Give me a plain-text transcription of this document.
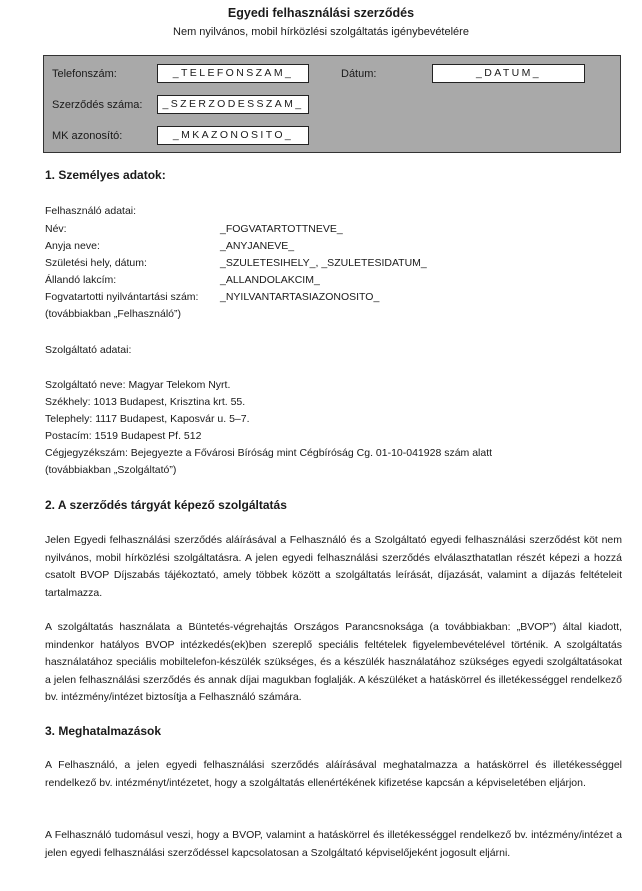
Egyedi felhasználási szerződés
Nem nyilvános, mobil hírközlési szolgáltatás igénybevételére
Telefonszám:	_TELEFONSZAM_	Dátum:	_DATUM_
Szerződés száma:	_SZERZODESSZAM_
MK azonosító:	_MKAZONOSITO_
1. Személyes adatok:
Felhasználó adatai:
Név:	_FOGVATARTOTTNEVE_
Anyja neve:	_ANYJANEVE_
Születési hely, dátum:	_SZULETESIHELY_, _SZULETESIDATUM_
Állandó lakcím:	_ALLANDOLAKCIM_
Fogvatartotti nyilvántartási szám: _NYILVANTARTASIAZONOSITO_
(továbbiakban „Felhasználó”)
Szolgáltató adatai:
Szolgáltató neve: Magyar Telekom Nyrt.
Székhely: 1013 Budapest, Krisztina krt. 55.
Telephely: 1117 Budapest, Kaposvár u. 5–7.
Postacím: 1519 Budapest Pf. 512
Cégjegyzékszám: Bejegyezte a Fővárosi Bíróság mint Cégbíróság Cg. 01-10-041928 szám alatt
(továbbiakban „Szolgáltató”)
2. A szerződés tárgyát képező szolgáltatás

Jelen Egyedi felhasználási szerződés aláírásával a Felhasználó és a Szolgáltató egyedi felhasználási szerződést köt nem nyilvános, mobil hírközlési szolgáltatásra. A jelen egyedi felhasználási szerződés elválaszthatatlan részét képezi a hozzá csatolt BVOP Díjszabás tájékoztató, amely többek között a szolgáltatás leírását, díjazását, valamint a díjazás feltételeit tartalmazza.

A szolgáltatás használata a Büntetés-végrehajtás Országos Parancsnoksága (a továbbiakban: „BVOP”) által kiadott, mindenkor hatályos BVOP intézkedés(ek)ben szereplő speciális feltételek figyelembevételével történik. A szolgáltatás használatához speciális mobiltelefon-készülék szükséges, és a készülék használatához szükséges egyedi szolgáltatásokat a jelen felhasználási szerződés és annak díjai magukban foglalják. A készüléket a hatáskörrel és illetékességgel rendelkező bv. intézmény/intézet biztosítja a Felhasználó számára.

3. Meghatalmazások

A Felhasználó, a jelen egyedi felhasználási szerződés aláírásával meghatalmazza a hatáskörrel és illetékességgel rendelkező bv. intézményt/intézetet, hogy a szolgáltatás ellenértékének kifizetése kapcsán a képviseletében eljárjon.

A Felhasználó tudomásul veszi, hogy a BVOP, valamint a hatáskörrel és illetékességgel rendelkező bv. intézmény/intézet a jelen egyedi felhasználási szerződéssel kapcsolatosan a Szolgáltató képviselőjeként jogosult eljárni.
